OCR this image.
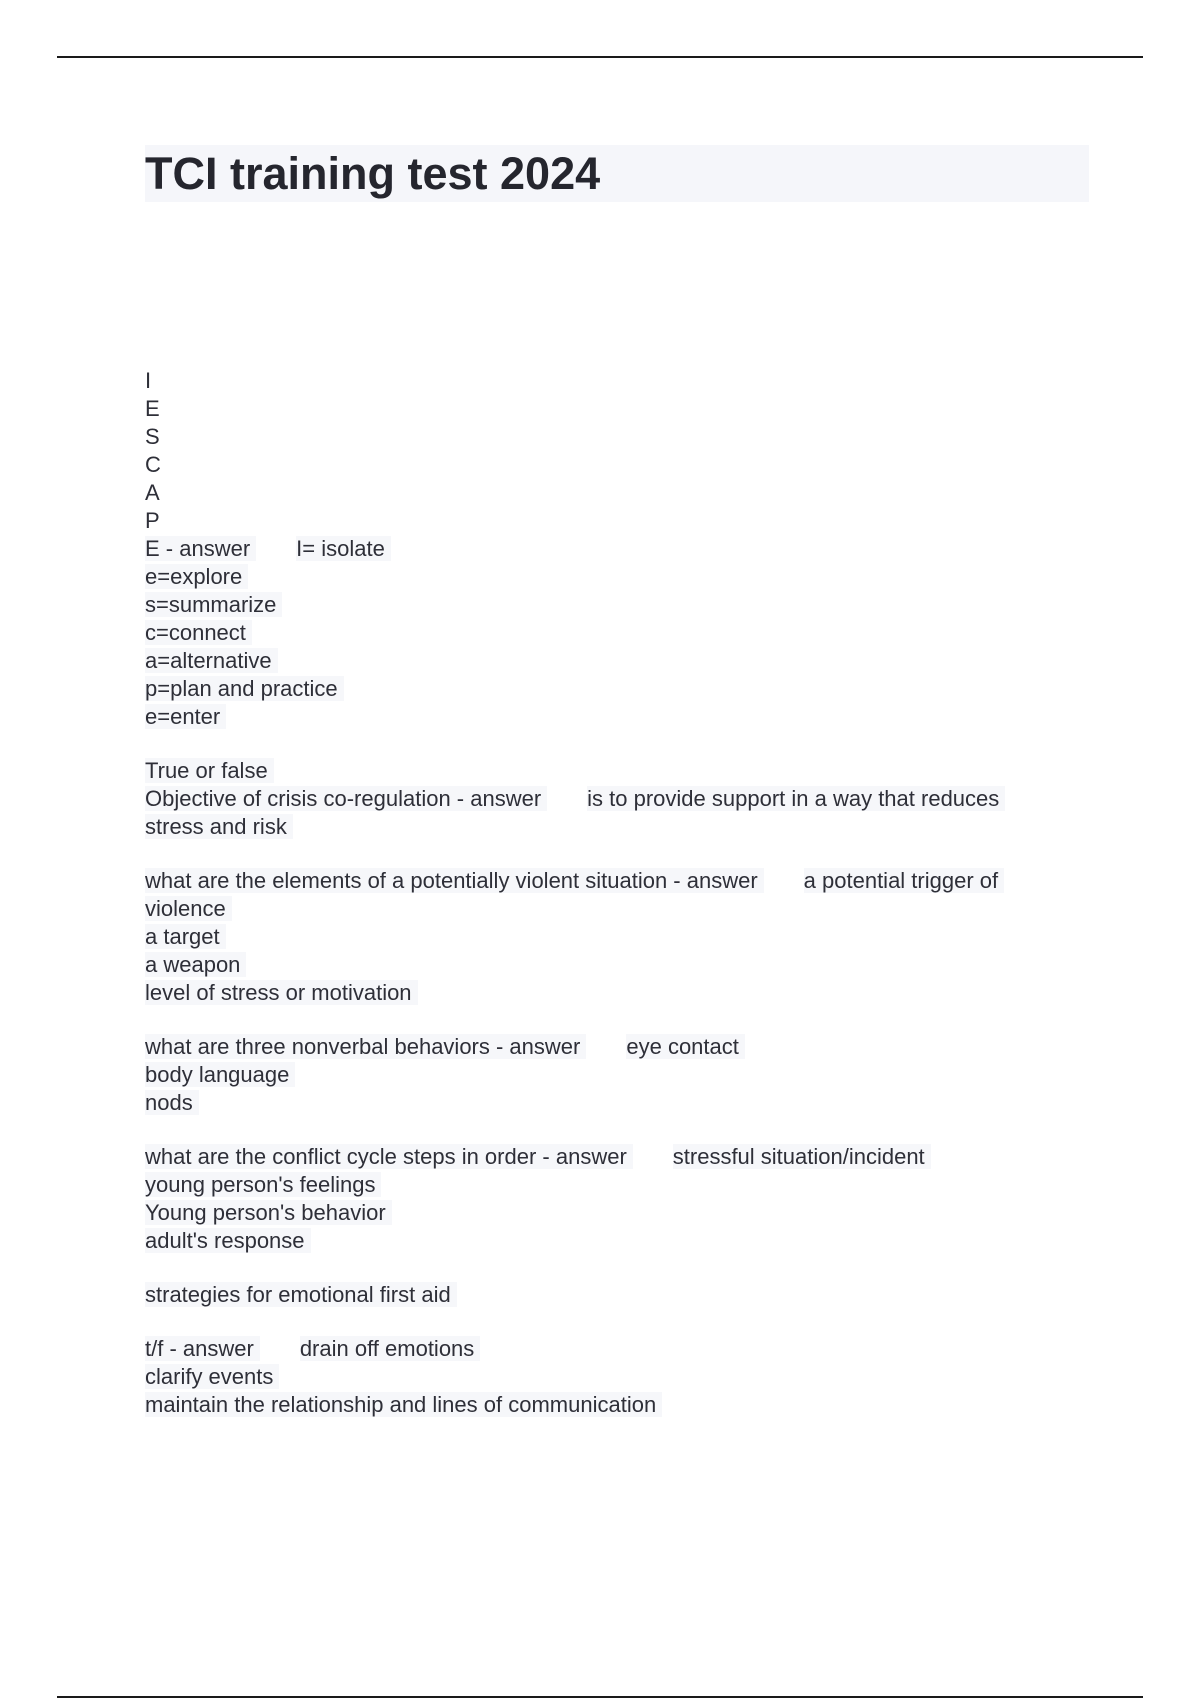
TCI training test 2024
I
E
S
C
A
P
E - answer I= isolate
e=explore
s=summarize
c=connect
a=alternative
p=plan and practice
e=enter
True or false
Objective of crisis co-regulation - answer is to provide support in a way that reduces
stress and risk
what are the elements of a potentially violent situation - answer a potential trigger of
violence
a target
a weapon
level of stress or motivation
what are three nonverbal behaviors - answer eye contact
body language
nods
what are the conflict cycle steps in order - answer stressful situation/incident
young person's feelings
Young person's behavior
adult's response
strategies for emotional first aid
t/f - answer drain off emotions
clarify events
maintain the relationship and lines of communication
